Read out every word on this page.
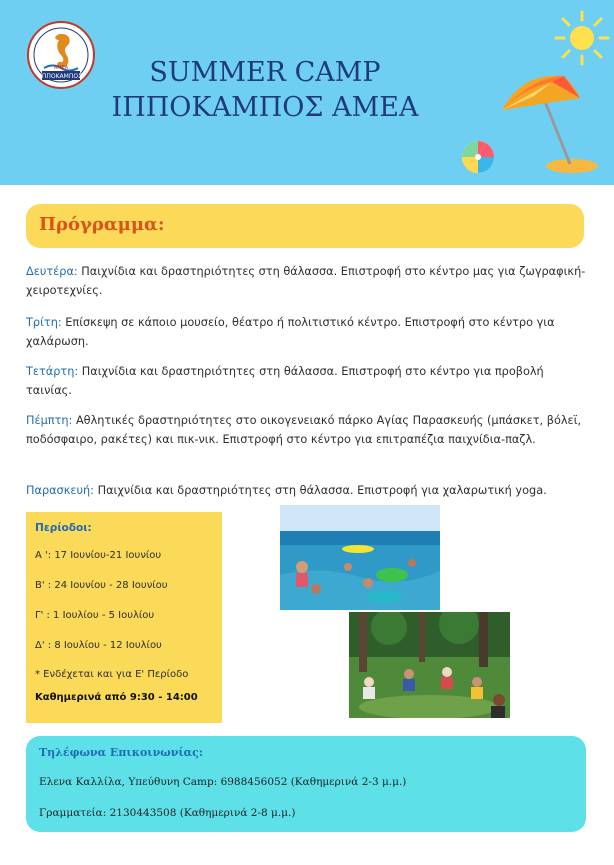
ΙΠΠΟΚΑΜΠΟΣ
ΑΜΕΑ	SUMMER CAMP
ΙΠΠΟΚΑΜΠΟΣ ΑΜΕΑ
Πρόγραμμα:
Δευτέρα: Παιχνίδια και δραστηριότητες στη θάλασσα. Επιστροφή στο κέντρο μας για ζωγραφική-χειροτεχνίες.
Τρίτη: Επίσκεψη σε κάποιο μουσείο, θέατρο ή πολιτιστικό κέντρο. Επιστροφή στο κέντρο για χαλάρωση.
Τετάρτη: Παιχνίδια και δραστηριότητες στη θάλασσα. Επιστροφή στο κέντρο για προβολή ταινίας.
Πέμπτη: Αθλητικές δραστηριότητες στο οικογενειακό πάρκο Αγίας Παρασκευής (μπάσκετ, βόλεϊ, ποδόσφαιρο, ρακέτες) και πικ-νικ. Επιστροφή στο κέντρο για επιτραπέζια παιχνίδια-παζλ.
Παρασκευή: Παιχνίδια και δραστηριότητες στη θάλασσα. Επιστροφή για χαλαρωτική yoga.
Περίοδοι:
Α ': 17 Ιουνίου-21 Ιουνίου
Β' : 24 Ιουνίου - 28 Ιουνίου
Γ' : 1 Ιουλίου - 5 Ιουλίου
Δ' : 8 Ιουλίου - 12 Ιουλίου
* Ενδέχεται και για Ε' Περίοδο
Καθημερινά από 9:30 - 14:00
Τηλέφωνα Επικοινωνίας:
Ελενα Καλλίλα, Υπεύθυνη Camp: 6988456052 (Καθημερινά 2-3 μ.μ.)
Γραμματεία: 2130443508 (Καθημερινά 2-8 μ.μ.)
